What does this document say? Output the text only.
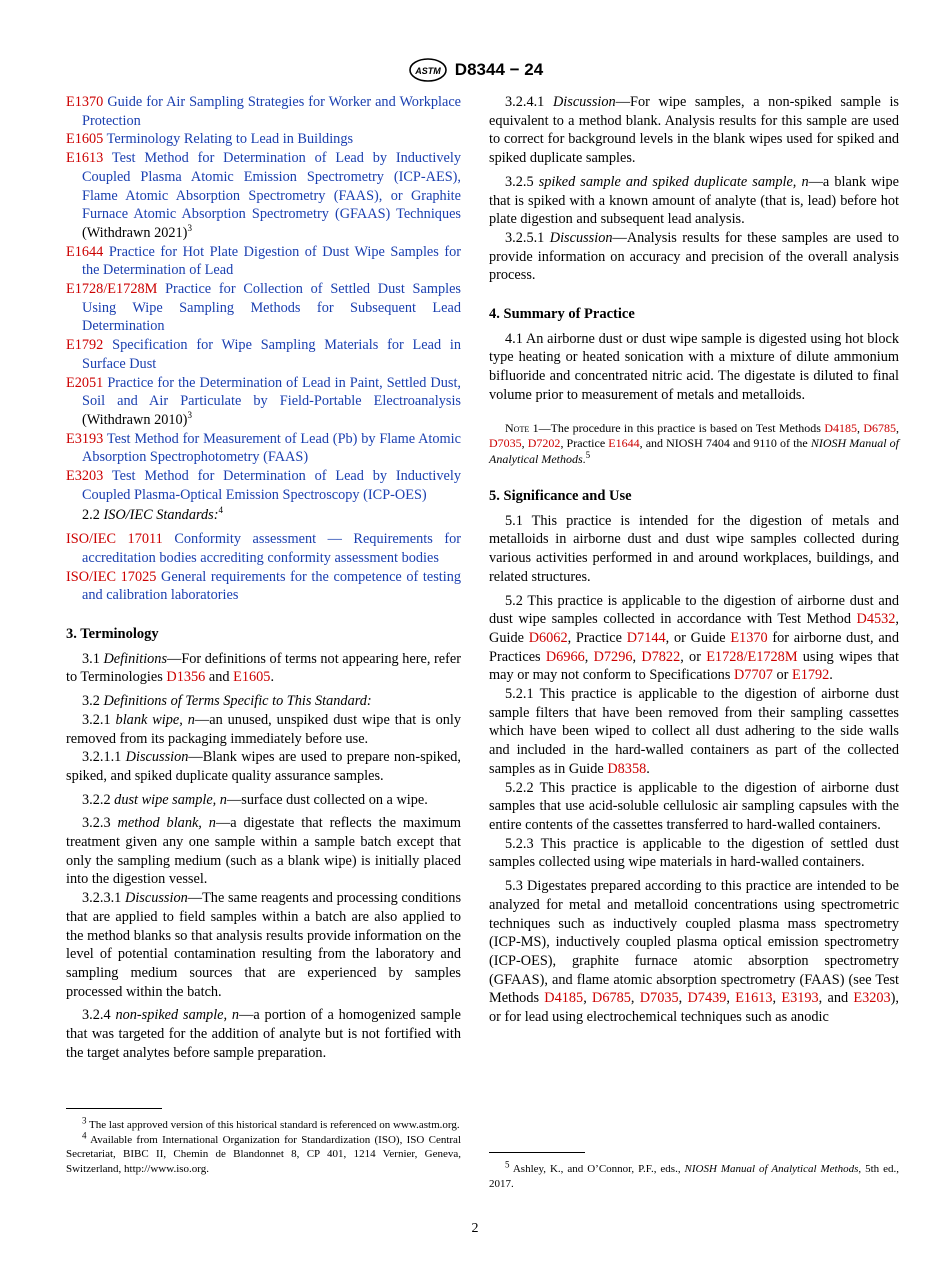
ASTM D8344 − 24

E1370 Guide for Air Sampling Strategies for Worker and Workplace Protection

E1605 Terminology Relating to Lead in Buildings

E1613 Test Method for Determination of Lead by Inductively Coupled Plasma Atomic Emission Spectrometry (ICP-AES), Flame Atomic Absorption Spectrometry (FAAS), or Graphite Furnace Atomic Absorption Spectrometry (GFAAS) Techniques (Withdrawn 2021)$^3$

E1644 Practice for Hot Plate Digestion of Dust Wipe Samples for the Determination of Lead

E1728/E1728M Practice for Collection of Settled Dust Samples Using Wipe Sampling Methods for Subsequent Lead Determination

E1792 Specification for Wipe Sampling Materials for Lead in Surface Dust

E2051 Practice for the Determination of Lead in Paint, Settled Dust, Soil and Air Particulate by Field-Portable Electroanalysis (Withdrawn 2010)$^3$

E3193 Test Method for Measurement of Lead (Pb) by Flame Atomic Absorption Spectrophotometry (FAAS)

E3203 Test Method for Determination of Lead by Inductively Coupled Plasma-Optical Emission Spectroscopy (ICP-OES)

2.2 ISO/IEC Standards:$^4$

ISO/IEC 17011 Conformity assessment — Requirements for accreditation bodies accrediting conformity assessment bodies

ISO/IEC 17025 General requirements for the competence of testing and calibration laboratories

3. Terminology

3.1 Definitions—For definitions of terms not appearing here, refer to Terminologies D1356 and E1605.

3.2 Definitions of Terms Specific to This Standard:

3.2.1 blank wipe, n—an unused, unspiked dust wipe that is only removed from its packaging immediately before use.

3.2.1.1 Discussion—Blank wipes are used to prepare non-spiked, spiked, and spiked duplicate quality assurance samples.

3.2.2 dust wipe sample, n—surface dust collected on a wipe.

3.2.3 method blank, n—a digestate that reflects the maximum treatment given any one sample within a sample batch except that only the sampling medium (such as a blank wipe) is initially placed into the digestion vessel.

3.2.3.1 Discussion—The same reagents and processing conditions that are applied to field samples within a batch are also applied to the method blanks so that analysis results provide information on the level of potential contamination resulting from the laboratory and sampling medium sources that are experienced by samples processed within the batch.

3.2.4 non-spiked sample, n—a portion of a homogenized sample that was targeted for the addition of analyte but is not fortified with the target analytes before sample preparation.

$^3$ The last approved version of this historical standard is referenced on www.astm.org.

$^4$ Available from International Organization for Standardization (ISO), ISO Central Secretariat, BIBC II, Chemin de Blandonnet 8, CP 401, 1214 Vernier, Geneva, Switzerland, http://www.iso.org.

3.2.4.1 Discussion—For wipe samples, a non-spiked sample is equivalent to a method blank. Analysis results for this sample are used to correct for background levels in the blank wipes used for spiked and spiked duplicate samples.

3.2.5 spiked sample and spiked duplicate sample, n—a blank wipe that is spiked with a known amount of analyte (that is, lead) before hot plate digestion and subsequent lead analysis.

3.2.5.1 Discussion—Analysis results for these samples are used to provide information on accuracy and precision of the overall analysis process.

4. Summary of Practice

4.1 An airborne dust or dust wipe sample is digested using hot block type heating or heated sonication with a mixture of dilute ammonium bifluoride and concentrated nitric acid. The digestate is diluted to final volume prior to measurement of metals and metalloids.

Note 1—The procedure in this practice is based on Test Methods D4185, D6785, D7035, D7202, Practice E1644, and NIOSH 7404 and 9110 of the NIOSH Manual of Analytical Methods.$^5$

5. Significance and Use

5.1 This practice is intended for the digestion of metals and metalloids in airborne dust and dust wipe samples collected during various activities performed in and around workplaces, buildings, and related structures.

5.2 This practice is applicable to the digestion of airborne dust and dust wipe samples collected in accordance with Test Method D4532, Guide D6062, Practice D7144, or Guide E1370 for airborne dust, and Practices D6966, D7296, D7822, or E1728/E1728M using wipes that may or may not conform to Specifications D7707 or E1792.

5.2.1 This practice is applicable to the digestion of airborne dust sample filters that have been removed from their sampling cassettes which have been wiped to collect all dust adhering to the side walls and included in the hard-walled containers as part of the collected samples as in Guide D8358.

5.2.2 This practice is applicable to the digestion of airborne dust samples that use acid-soluble cellulosic air sampling capsules with the entire contents of the cassettes transferred to hard-walled containers.

5.2.3 This practice is applicable to the digestion of settled dust samples collected using wipe materials in hard-walled containers.

5.3 Digestates prepared according to this practice are intended to be analyzed for metal and metalloid concentrations using spectrometric techniques such as inductively coupled plasma mass spectrometry (ICP-MS), inductively coupled plasma optical emission spectrometry (ICP-OES), graphite furnace atomic absorption spectrometry (GFAAS), and flame atomic absorption spectrometry (FAAS) (see Test Methods D4185, D6785, D7035, D7439, E1613, E3193, and E3203), or for lead using electrochemical techniques such as anodic

$^5$ Ashley, K., and O’Connor, P.F., eds., NIOSH Manual of Analytical Methods, 5th ed., 2017.

2
